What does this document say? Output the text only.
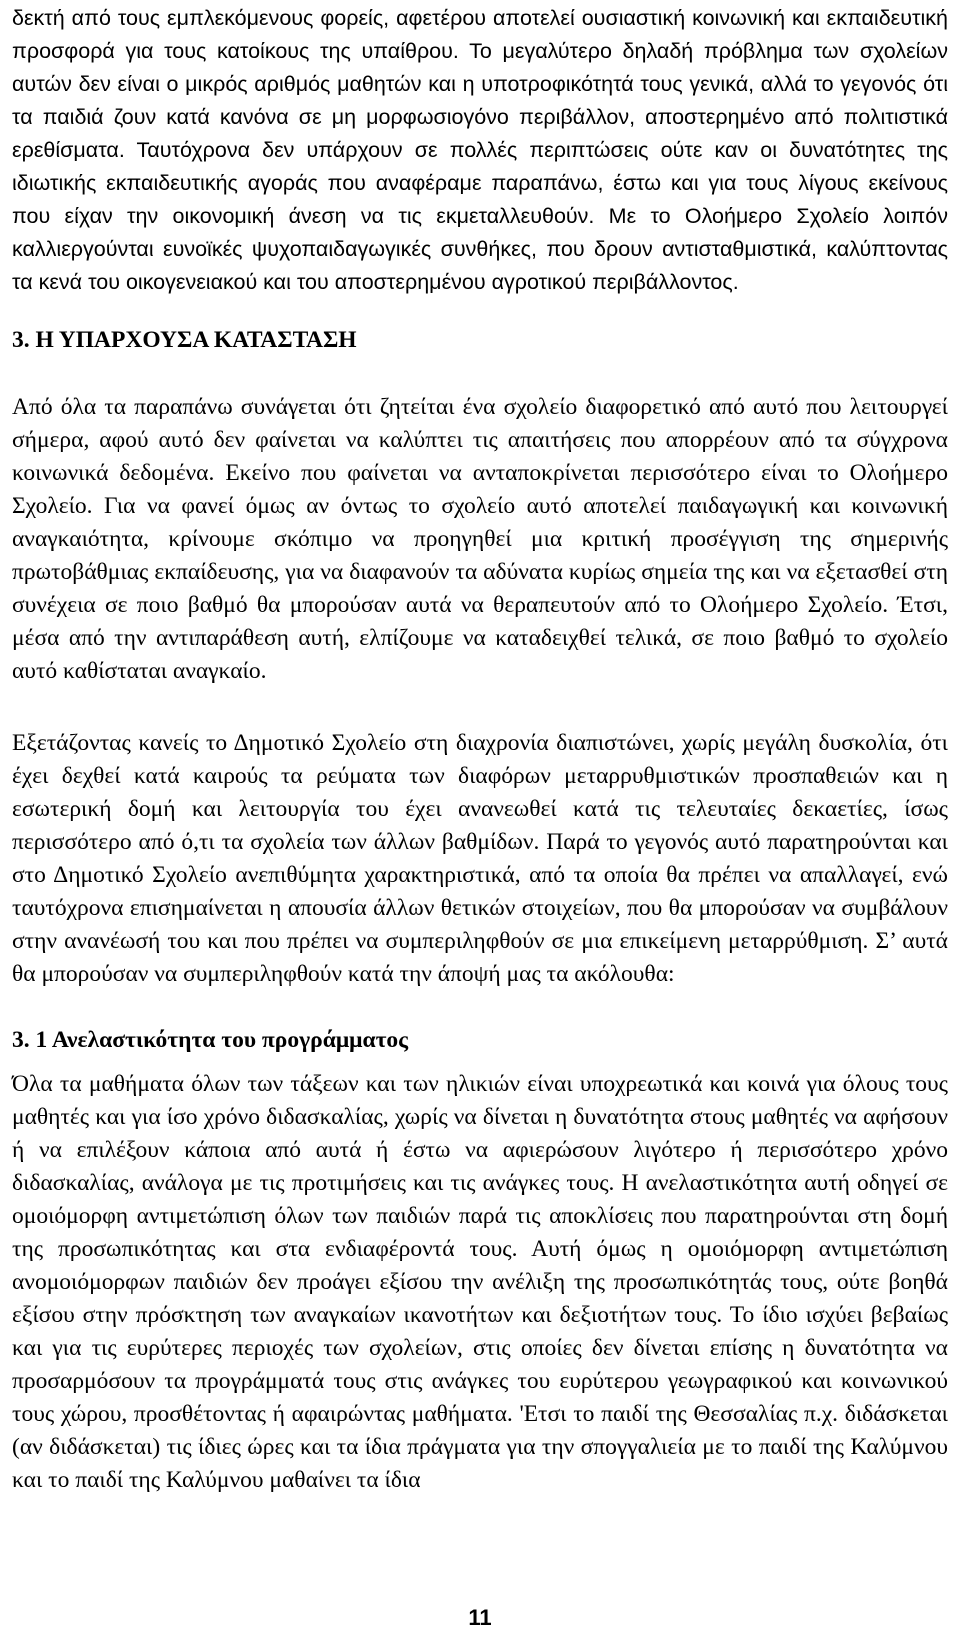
δεκτή από τους εμπλεκόμενους φορείς, αφετέρου αποτελεί ουσιαστική κοινωνική και εκπαιδευτική προσφορά για τους κατοίκους της υπαίθρου. Το μεγαλύτερο δηλαδή πρόβλημα των σχολείων αυτών δεν είναι ο μικρός αριθμός μαθητών και η υποτροφικότητά τους γενικά, αλλά το γεγονός ότι τα παιδιά ζουν κατά κανόνα σε μη μορφωσιογόνο περιβάλλον, αποστερημένο από πολιτιστικά ερεθίσματα. Ταυτόχρονα δεν υπάρχουν σε πολλές περιπτώσεις ούτε καν οι δυνατότητες της ιδιωτικής εκπαιδευτικής αγοράς που αναφέραμε παραπάνω, έστω και για τους λίγους εκείνους που είχαν την οικονομική άνεση να τις εκμεταλλευθούν. Με το Ολοήμερο Σχολείο λοιπόν καλλιεργούνται ευνοϊκές ψυχοπαιδαγωγικές συνθήκες, που δρουν αντισταθμιστικά, καλύπτοντας τα κενά του οικογενειακού και του αποστερημένου αγροτικού περιβάλλοντος.

3. Η ΥΠΑΡΧΟΥΣΑ ΚΑΤΑΣΤΑΣΗ

Από όλα τα παραπάνω συνάγεται ότι ζητείται ένα σχολείο διαφορετικό από αυτό που λειτουργεί σήμερα, αφού αυτό δεν φαίνεται να καλύπτει τις απαιτήσεις που απορρέουν από τα σύγχρονα κοινωνικά δεδομένα. Εκείνο που φαίνεται να ανταποκρίνεται περισσότερο είναι το Ολοήμερο Σχολείο. Για να φανεί όμως αν όντως το σχολείο αυτό αποτελεί παιδαγωγική και κοινωνική αναγκαιότητα, κρίνουμε σκόπιμο να προηγηθεί μια κριτική προσέγγιση της σημερινής πρωτοβάθμιας εκπαίδευσης, για να διαφανούν τα αδύνατα κυρίως σημεία της και να εξετασθεί στη συνέχεια σε ποιο βαθμό θα μπορούσαν αυτά να θεραπευτούν από το Ολοήμερο Σχολείο. Έτσι, μέσα από την αντιπαράθεση αυτή, ελπίζουμε να καταδειχθεί τελικά, σε ποιο βαθμό το σχολείο αυτό καθίσταται αναγκαίο.

Εξετάζοντας κανείς το Δημοτικό Σχολείο στη διαχρονία διαπιστώνει, χωρίς μεγάλη δυσκολία, ότι έχει δεχθεί κατά καιρούς τα ρεύματα των διαφόρων μεταρρυθμιστικών προσπαθειών και η εσωτερική δομή και λειτουργία του έχει ανανεωθεί κατά τις τελευταίες δεκαετίες, ίσως περισσότερο από ό,τι τα σχολεία των άλλων βαθμίδων. Παρά το γεγονός αυτό παρατηρούνται και στο Δημοτικό Σχολείο ανεπιθύμητα χαρακτηριστικά, από τα οποία θα πρέπει να απαλλαγεί, ενώ ταυτόχρονα επισημαίνεται η απουσία άλλων θετικών στοιχείων, που θα μπορούσαν να συμβάλουν στην ανανέωσή του και που πρέπει να συμπεριληφθούν σε μια επικείμενη μεταρρύθμιση. Σ’ αυτά θα μπορούσαν να συμπεριληφθούν κατά την άποψή μας τα ακόλουθα:

3. 1 Ανελαστικότητα του προγράμματος

Όλα τα μαθήματα όλων των τάξεων και των ηλικιών είναι υποχρεωτικά και κοινά για όλους τους μαθητές και για ίσο χρόνο διδασκαλίας, χωρίς να δίνεται η δυνατότητα στους μαθητές να αφήσουν ή να επιλέξουν κάποια από αυτά ή έστω να αφιερώσουν λιγότερο ή περισσότερο χρόνο διδασκαλίας, ανάλογα με τις προτιμήσεις και τις ανάγκες τους. Η ανελαστικότητα αυτή οδηγεί σε ομοιόμορφη αντιμετώπιση όλων των παιδιών παρά τις αποκλίσεις που παρατηρούνται στη δομή της προσωπικότητας και στα ενδιαφέροντά τους. Αυτή όμως η ομοιόμορφη αντιμετώπιση ανομοιόμορφων παιδιών δεν προάγει εξίσου την ανέλιξη της προσωπικότητάς τους, ούτε βοηθά εξίσου στην πρόσκτηση των αναγκαίων ικανοτήτων και δεξιοτήτων τους. Το ίδιο ισχύει βεβαίως και για τις ευρύτερες περιοχές των σχολείων, στις οποίες δεν δίνεται επίσης η δυνατότητα να προσαρμόσουν τα προγράμματά τους στις ανάγκες του ευρύτερου γεωγραφικού και κοινωνικού τους χώρου, προσθέτοντας ή αφαιρώντας μαθήματα. 'Ετσι το παιδί της Θεσσαλίας π.χ. διδάσκεται (αν διδάσκεται) τις ίδιες ώρες και τα ίδια πράγματα για την σπογγαλιεία με το παιδί της Καλύμνου και το παιδί της Καλύμνου μαθαίνει τα ίδια

11
